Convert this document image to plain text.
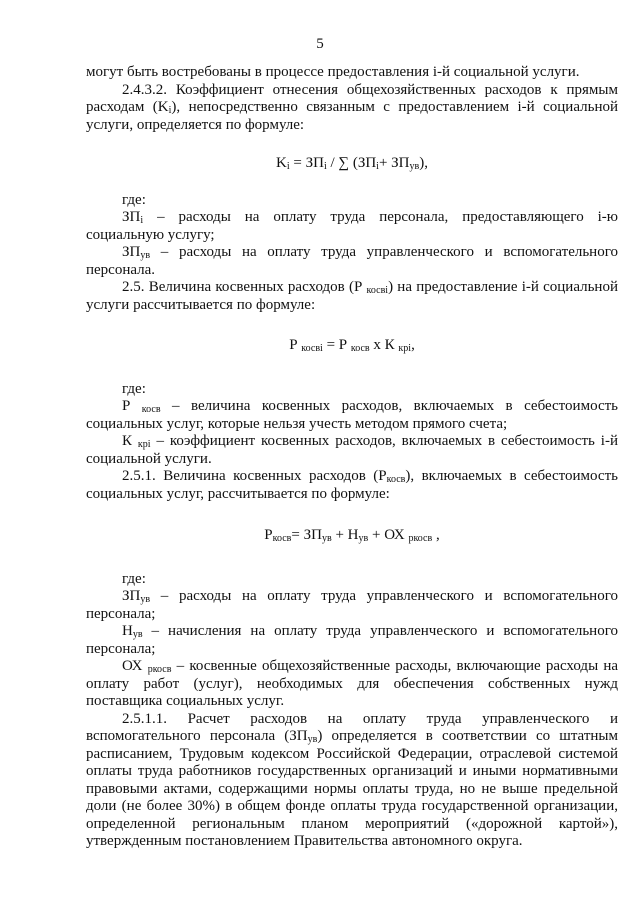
5

могут быть востребованы в процессе предоставления i-й социальной услуги.

2.4.3.2. Коэффициент отнесения общехозяйственных расходов к прямым расходам $(K_i)$, непосредственно связанным с предоставлением i-й социальной услуги, определяется по формуле:

$K_i = ЗП_i$ / ∑ $(ЗП_i+ ЗП_{ув})$,

где:

$ЗП_i$ – расходы на оплату труда персонала, предоставляющего i-ю социальную услугу;

$ЗП_{ув}$ – расходы на оплату труда управленческого и вспомогательного персонала.

2.5. Величина косвенных расходов (Р $_{косвi}$) на предоставление i-й социальной услуги рассчитывается по формуле:

Р $_{косвi}$ = Р $_{косв}$ х К $_{крi}$,

где:

Р $_{косв}$ – величина косвенных расходов, включаемых в себестоимость социальных услуг, которые нельзя учесть методом прямого счета;

К $_{крi}$ – коэффициент косвенных расходов, включаемых в себестоимость i-й социальной услуги.

2.5.1. Величина косвенных расходов $(Р_{косв})$, включаемых в себестоимость социальных услуг, рассчитывается по формуле:

$Р_{косв}= ЗП_{ув} + Н_{ув}$ + ОХ $_{ркосв}$ ,

где:

$ЗП_{ув}$ – расходы на оплату труда управленческого и вспомогательного персонала;

$Н_{ув}$ – начисления на оплату труда управленческого и вспомогательного персонала;

ОХ $_{ркосв}$ – косвенные общехозяйственные расходы, включающие расходы на оплату работ (услуг), необходимых для обеспечения собственных нужд поставщика социальных услуг.

2.5.1.1. Расчет расходов на оплату труда управленческого и вспомогательного персонала $(ЗП_{ув})$ определяется в соответствии со штатным расписанием, Трудовым кодексом Российской Федерации, отраслевой системой оплаты труда работников государственных организаций и иными нормативными правовыми актами, содержащими нормы оплаты труда, но не выше предельной доли (не более 30%) в общем фонде оплаты труда государственной организации, определенной региональным планом мероприятий («дорожной картой»), утвержденным постановлением Правительства автономного округа.
